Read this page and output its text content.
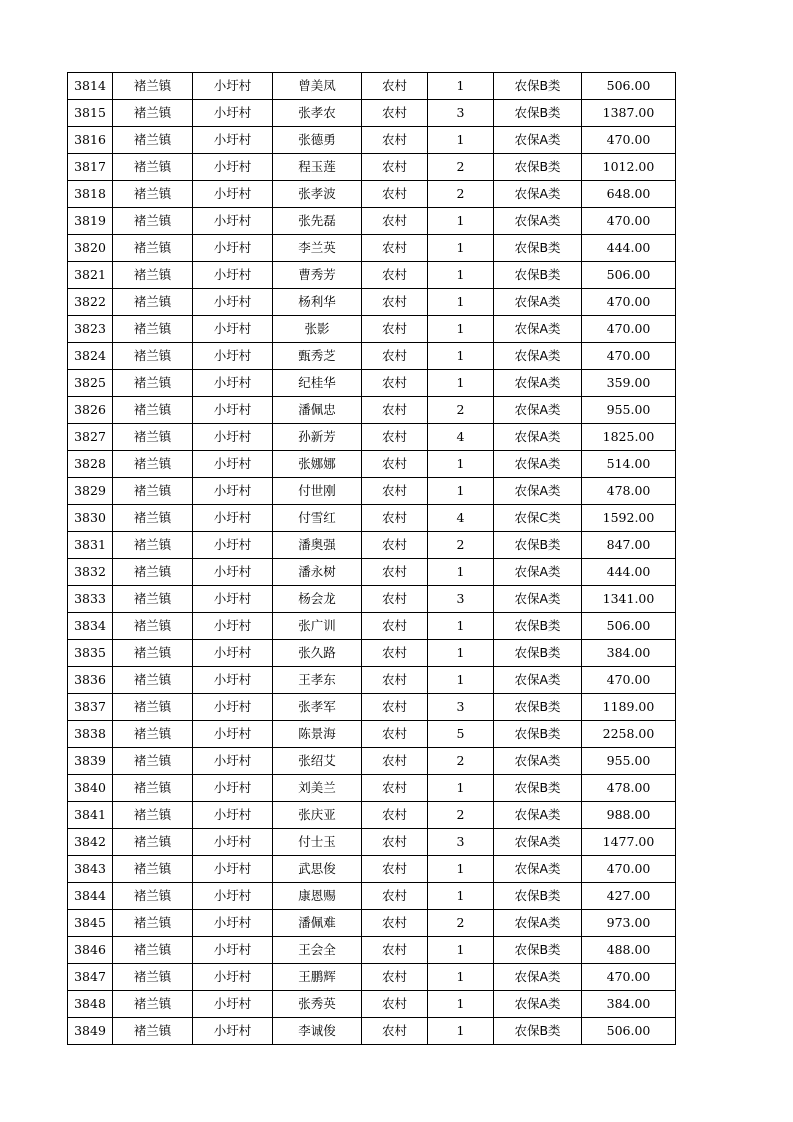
3814	褚兰镇	小圩村	曾美凤	农村	1	农保B类	506.00
3815	褚兰镇	小圩村	张孝农	农村	3	农保B类	1387.00
3816	褚兰镇	小圩村	张德勇	农村	1	农保A类	470.00
3817	褚兰镇	小圩村	程玉莲	农村	2	农保B类	1012.00
3818	褚兰镇	小圩村	张孝波	农村	2	农保A类	648.00
3819	褚兰镇	小圩村	张先磊	农村	1	农保A类	470.00
3820	褚兰镇	小圩村	李兰英	农村	1	农保B类	444.00
3821	褚兰镇	小圩村	曹秀芳	农村	1	农保B类	506.00
3822	褚兰镇	小圩村	杨利华	农村	1	农保A类	470.00
3823	褚兰镇	小圩村	张影	农村	1	农保A类	470.00
3824	褚兰镇	小圩村	甄秀芝	农村	1	农保A类	470.00
3825	褚兰镇	小圩村	纪桂华	农村	1	农保A类	359.00
3826	褚兰镇	小圩村	潘佩忠	农村	2	农保A类	955.00
3827	褚兰镇	小圩村	孙新芳	农村	4	农保A类	1825.00
3828	褚兰镇	小圩村	张娜娜	农村	1	农保A类	514.00
3829	褚兰镇	小圩村	付世刚	农村	1	农保A类	478.00
3830	褚兰镇	小圩村	付雪红	农村	4	农保C类	1592.00
3831	褚兰镇	小圩村	潘奥强	农村	2	农保B类	847.00
3832	褚兰镇	小圩村	潘永树	农村	1	农保A类	444.00
3833	褚兰镇	小圩村	杨会龙	农村	3	农保A类	1341.00
3834	褚兰镇	小圩村	张广训	农村	1	农保B类	506.00
3835	褚兰镇	小圩村	张久路	农村	1	农保B类	384.00
3836	褚兰镇	小圩村	王孝东	农村	1	农保A类	470.00
3837	褚兰镇	小圩村	张孝军	农村	3	农保B类	1189.00
3838	褚兰镇	小圩村	陈景海	农村	5	农保B类	2258.00
3839	褚兰镇	小圩村	张绍艾	农村	2	农保A类	955.00
3840	褚兰镇	小圩村	刘美兰	农村	1	农保B类	478.00
3841	褚兰镇	小圩村	张庆亚	农村	2	农保A类	988.00
3842	褚兰镇	小圩村	付士玉	农村	3	农保A类	1477.00
3843	褚兰镇	小圩村	武思俊	农村	1	农保A类	470.00
3844	褚兰镇	小圩村	康恩赐	农村	1	农保B类	427.00
3845	褚兰镇	小圩村	潘佩难	农村	2	农保A类	973.00
3846	褚兰镇	小圩村	王会全	农村	1	农保B类	488.00
3847	褚兰镇	小圩村	王鹏辉	农村	1	农保A类	470.00
3848	褚兰镇	小圩村	张秀英	农村	1	农保A类	384.00
3849	褚兰镇	小圩村	李诚俊	农村	1	农保B类	506.00
